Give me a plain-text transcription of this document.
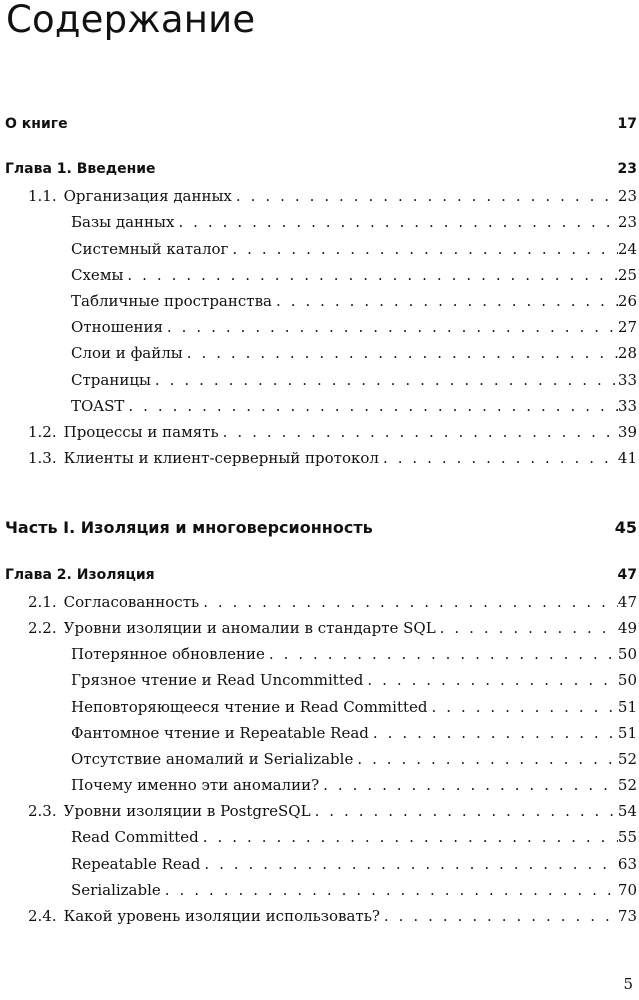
Содержание
О книге	17
Глава 1. Введение	23
1.1. Организация данных . . .	23
Базы данных . . .	23
Системный каталог . . .	24
Схемы . . .	25
Табличные пространства . . .	26
Отношения . . .	27
Слои и файлы . . .	28
Страницы . . .	33
TOAST . . .	33
1.2. Процессы и память . . .	39
1.3. Клиенты и клиент-серверный протокол . . .	41
Часть I. Изоляция и многоверсионность	45
Глава 2. Изоляция	47
2.1. Согласованность . . .	47
2.2. Уровни изоляции и аномалии в стандарте SQL . . .	49
Потерянное обновление . . .	50
Грязное чтение и Read Uncommitted . . .	50
Неповторяющееся чтение и Read Committed . . .	51
Фантомное чтение и Repeatable Read . . .	51
Отсутствие аномалий и Serializable . . .	52
Почему именно эти аномалии? . . .	52
2.3. Уровни изоляции в PostgreSQL . . .	54
Read Committed . . .	55
Repeatable Read . . .	63
Serializable . . .	70
2.4. Какой уровень изоляции использовать? . . .	73
5
